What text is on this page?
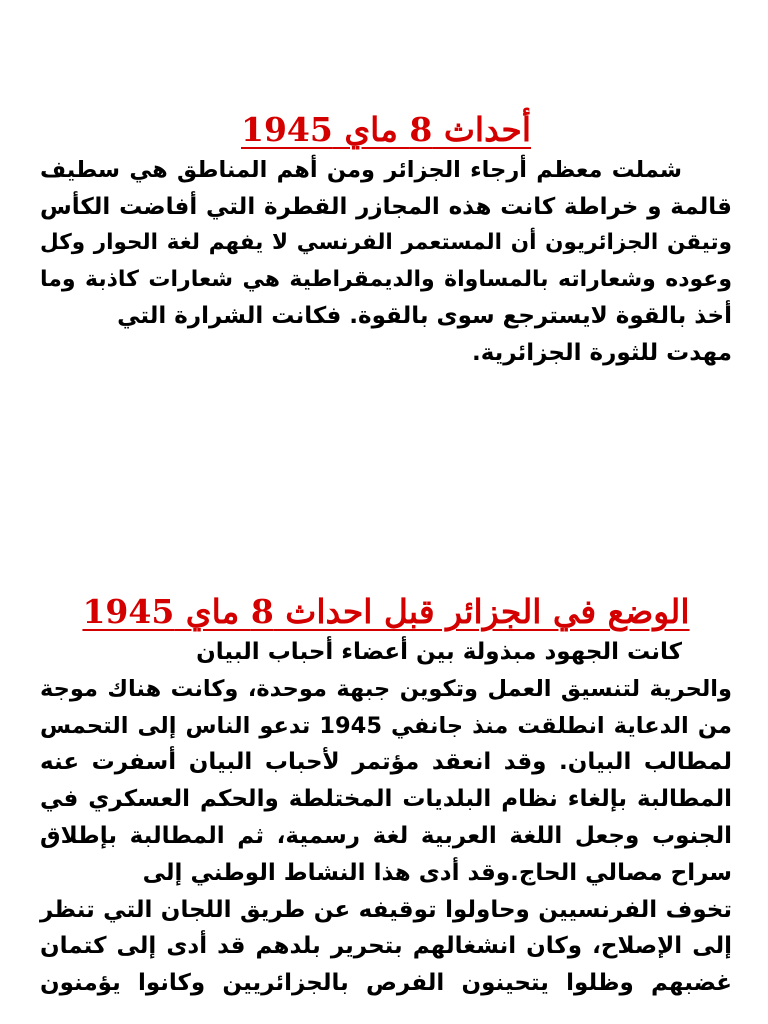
أحداث 8 ماي 1945
شملت معظم أرجاء الجزائر ومن أهم المناطق هي سطيف
قالمة و خراطة كانت هذه المجازر القطرة التي أفاضت الكأس
وتيقن الجزائريون أن المستعمر الفرنسي لا يفهم لغة الحوار وكل
وعوده وشعاراته بالمساواة والديمقراطية هي شعارات كاذبة وما
أخذ بالقوة لايسترجع سوى بالقوة. فكانت الشرارة التي
مهدت للثورة الجزائرية.
الوضع في الجزائر قبل احداث 8 ماي 1945
كانت الجهود مبذولة بين أعضاء أحباب البيان
والحرية لتنسيق العمل وتكوين جبهة موحدة، وكانت هناك موجة
من الدعاية انطلقت منذ جانفي 1945 تدعو الناس إلى التحمس
لمطالب البيان. وقد انعقد مؤتمر لأحباب البيان أسفرت عنه
المطالبة بإلغاء نظام البلديات المختلطة والحكم العسكري في
الجنوب وجعل اللغة العربية لغة رسمية، ثم المطالبة بإطلاق
سراح مصالي الحاج.وقد أدى هذا النشاط الوطني إلى
تخوف الفرنسيين وحاولوا توقيفه عن طريق اللجان التي تنظر
إلى الإصلاح، وكان انشغالهم بتحرير بلدهم قد أدى إلى كتمان
غضبهم وظلوا يتحينون الفرص بالجزائريين وكانوا يؤمنون
